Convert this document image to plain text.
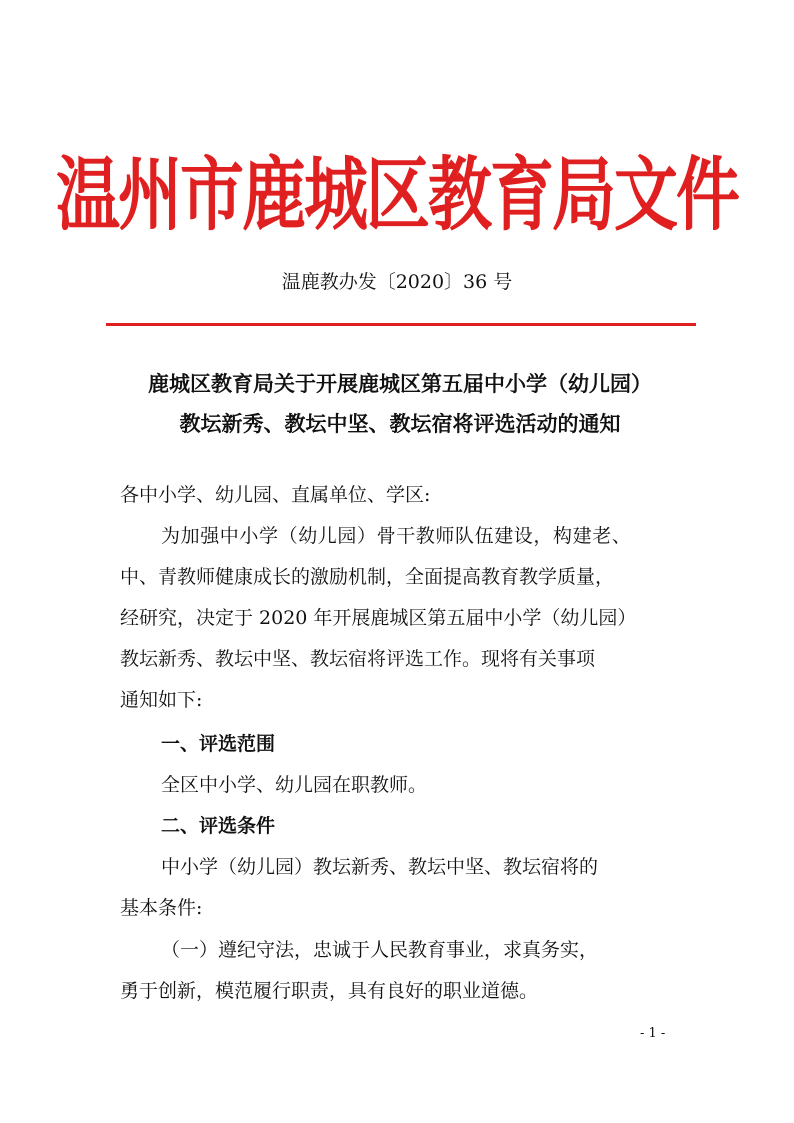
温州市鹿城区教育局文件
温鹿教办发〔2020〕36 号
鹿城区教育局关于开展鹿城区第五届中小学（幼儿园）
教坛新秀、教坛中坚、教坛宿将评选活动的通知
各中小学、幼儿园、直属单位、学区:
为加强中小学（幼儿园）骨干教师队伍建设，构建老、
中、青教师健康成长的激励机制，全面提高教育教学质量，
经研究，决定于 2020 年开展鹿城区第五届中小学（幼儿园）
教坛新秀、教坛中坚、教坛宿将评选工作。现将有关事项
通知如下:
一、评选范围
全区中小学、幼儿园在职教师。
二、评选条件
中小学（幼儿园）教坛新秀、教坛中坚、教坛宿将的
基本条件:
（一）遵纪守法，忠诚于人民教育事业，求真务实，
勇于创新，模范履行职责，具有良好的职业道德。
- 1 -
